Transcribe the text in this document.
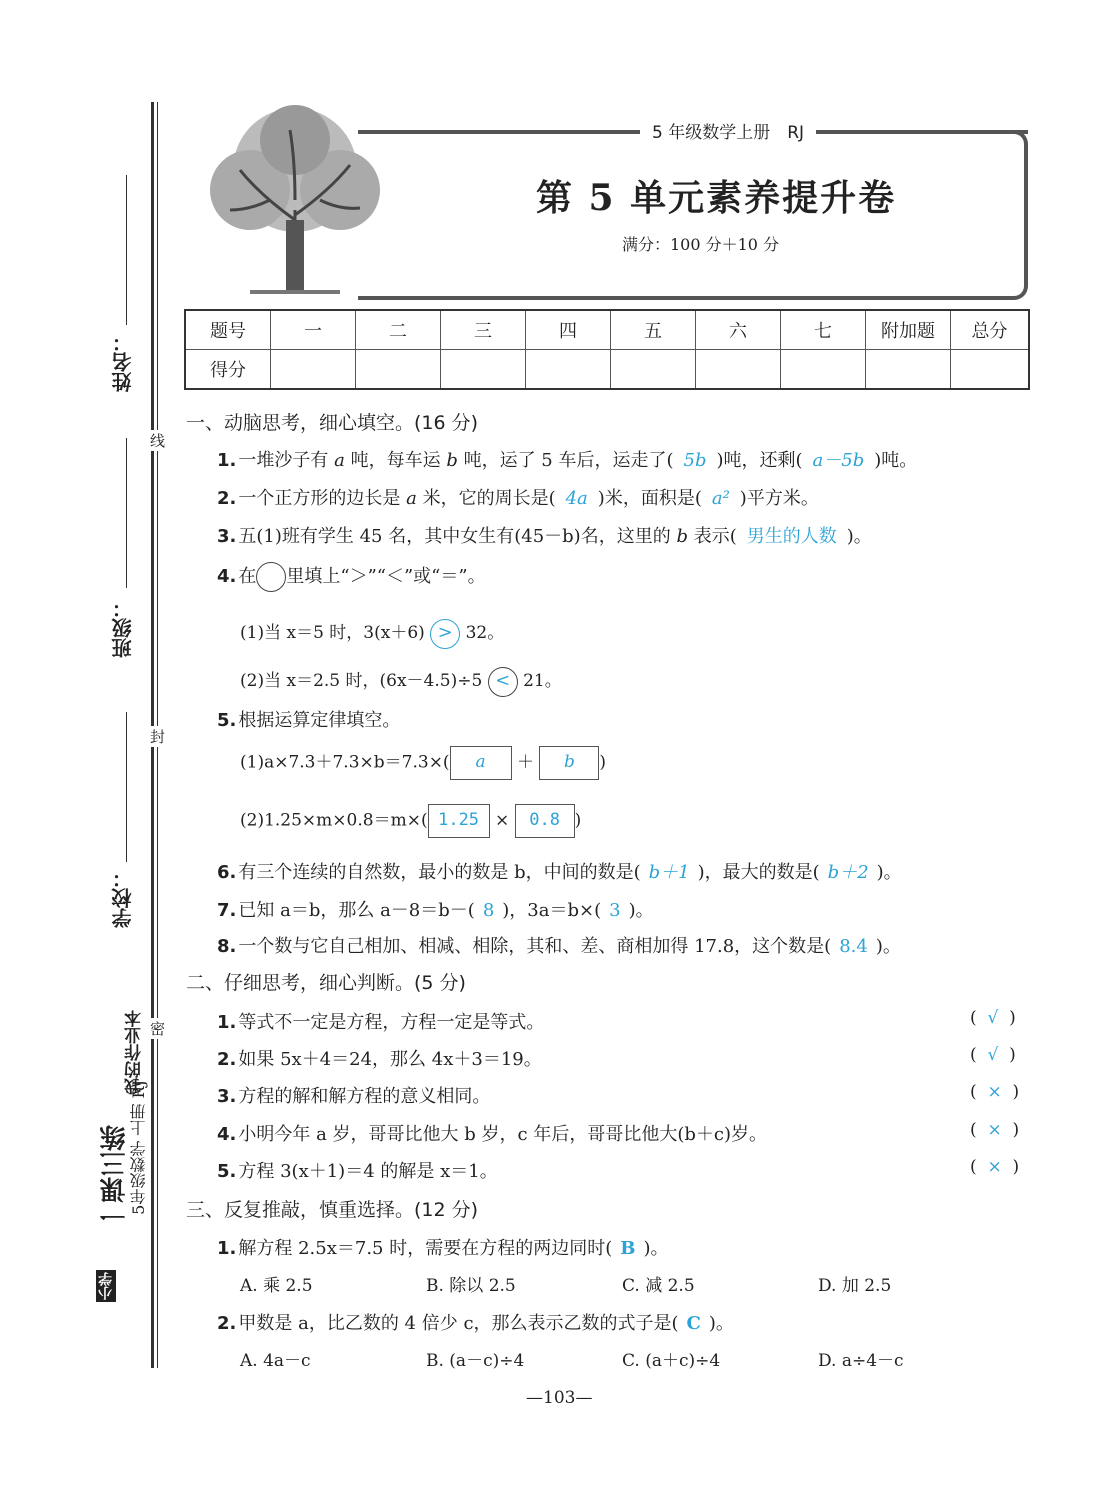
姓名：
班级：
学校：
线
封
密
我的作业本
一课三练
小学
5年级数学 上册 RJ
5 年级数学上册　RJ
第 5 单元素养提升卷
满分：100 分＋10 分
题号	一	二	三	四	五	六	七	附加题	总分
得分									
一、动脑思考，细心填空。(16 分)
1. 一堆沙子有 a 吨，每车运 b 吨，运了 5 车后，运走了( 5b )吨，还剩( a－5b )吨。
2. 一个正方形的边长是 a 米，它的周长是( 4a )米，面积是( a² )平方米。
3. 五(1)班有学生 45 名，其中女生有(45－b)名，这里的 b 表示( 男生的人数 )。
4. 在 里填上“＞”“＜”或“＝”。
(1)当 x＝5 时，3(x＋6) > 32。
(2)当 x＝2.5 时，(6x－4.5)÷5 < 21。
5. 根据运算定律填空。
(1)a×7.3＋7.3×b＝7.3×( a ＋ b )
(2)1.25×m×0.8＝m×( 1.25 × 0.8 )
6. 有三个连续的自然数，最小的数是 b，中间的数是( b＋1 )，最大的数是( b＋2 )。
7. 已知 a＝b，那么 a－8＝b－( 8 )，3a＝b×( 3 )。
8. 一个数与它自己相加、相减、相除，其和、差、商相加得 17.8，这个数是( 8.4 )。
二、仔细思考，细心判断。(5 分)
1. 等式不一定是方程，方程一定是等式。	(  √  )
2. 如果 5x＋4＝24，那么 4x＋3＝19。	(  √  )
3. 方程的解和解方程的意义相同。	(  ×  )
4. 小明今年 a 岁，哥哥比他大 b 岁，c 年后，哥哥比他大(b＋c)岁。	(  ×  )
5. 方程 3(x＋1)＝4 的解是 x＝1。	(  ×  )
三、反复推敲，慎重选择。(12 分)
1. 解方程 2.5x＝7.5 时，需要在方程的两边同时( B )。
A. 乘 2.5	B. 除以 2.5	C. 减 2.5	D. 加 2.5
2. 甲数是 a，比乙数的 4 倍少 c，那么表示乙数的式子是( C )。
A. 4a－c	B. (a－c)÷4	C. (a＋c)÷4	D. a÷4－c
—103—
